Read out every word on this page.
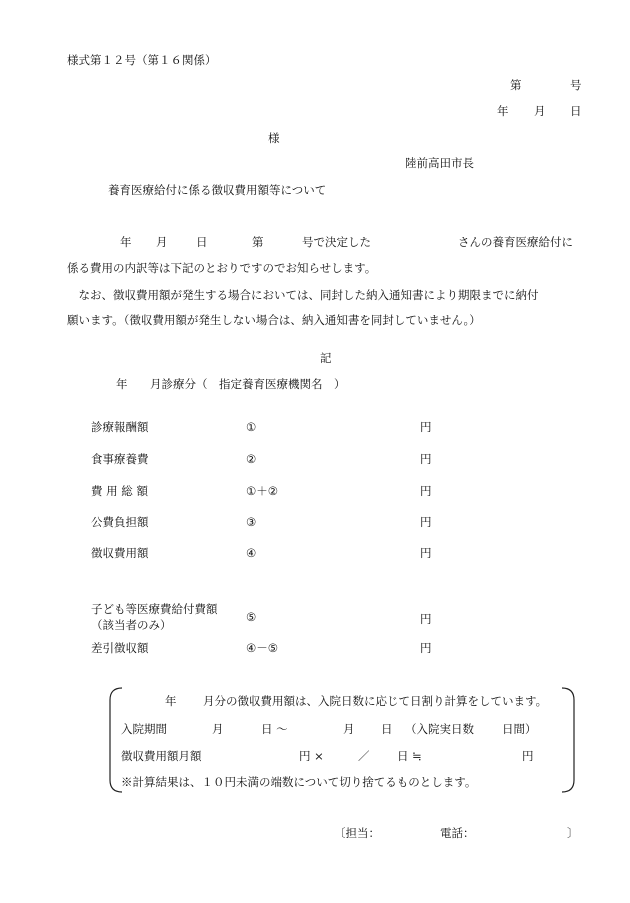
様式第１２号（第１６関係）
第	号
年 月 日
様
陸前高田市長
養育医療給付に係る徴収費用額等について
年 月 日	第	号で決定した	さんの養育医療給付に
係る費用の内訳等は下記のとおりですのでお知らせします。
　なお、徴収費用額が発生する場合においては、同封した納入通知書により期限までに納付
願います。（徴収費用額が発生しない場合は、納入通知書を同封していません。）
記
年 月診療分（　指定養育医療機関名　）
診療報酬額	①	円
食事療養費	②	円
費 用 総 額	①＋②	円
公費負担額	③	円
徴収費用額	④	円
子ども等医療費給付費額
（該当者のみ）
⑤	円
差引徴収額	④－⑤	円
年 月分の徴収費用額は、入院日数に応じて日割り計算をしています。
入院期間	月	日 ～	月 日 （入院実日数 日間）
徴収費用額月額	円 ×	／ 日 ≒	円
※計算結果は、１０円未満の端数について切り捨てるものとします。
〔担当：	電話：	〕
